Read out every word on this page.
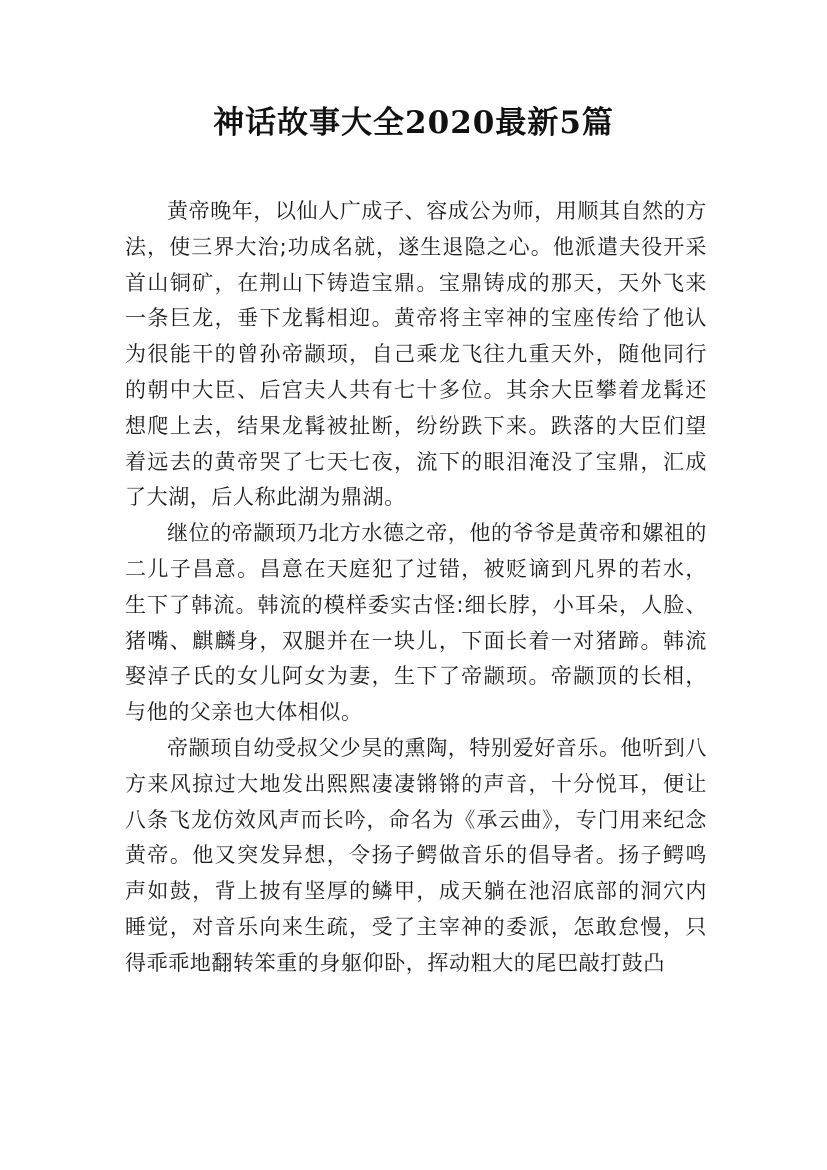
神话故事大全2020最新5篇

黄帝晚年，以仙人广成子、容成公为师，用顺其自然的方法，使三界大治;功成名就，遂生退隐之心。他派遣夫役开采首山铜矿，在荆山下铸造宝鼎。宝鼎铸成的那天，天外飞来一条巨龙，垂下龙髯相迎。黄帝将主宰神的宝座传给了他认为很能干的曾孙帝颛顼，自己乘龙飞往九重天外，随他同行的朝中大臣、后宫夫人共有七十多位。其余大臣攀着龙髯还想爬上去，结果龙髯被扯断，纷纷跌下来。跌落的大臣们望着远去的黄帝哭了七天七夜，流下的眼泪淹没了宝鼎，汇成了大湖，后人称此湖为鼎湖。

继位的帝颛顼乃北方水德之帝，他的爷爷是黄帝和嫘祖的二儿子昌意。昌意在天庭犯了过错，被贬谪到凡界的若水，生下了韩流。韩流的模样委实古怪:细长脖，小耳朵，人脸、猪嘴、麒麟身，双腿并在一块儿，下面长着一对猪蹄。韩流娶淖子氏的女儿阿女为妻，生下了帝颛顼。帝颛顶的长相，与他的父亲也大体相似。

帝颛顼自幼受叔父少昊的熏陶，特别爱好音乐。他听到八方来风掠过大地发出熙熙凄凄锵锵的声音，十分悦耳，便让八条飞龙仿效风声而长吟，命名为《承云曲》，专门用来纪念黄帝。他又突发异想，令扬子鳄做音乐的倡导者。扬子鳄鸣声如鼓，背上披有坚厚的鳞甲，成天躺在池沼底部的洞穴内睡觉，对音乐向来生疏，受了主宰神的委派，怎敢怠慢，只得乖乖地翻转笨重的身躯仰卧，挥动粗大的尾巴敲打鼓凸
